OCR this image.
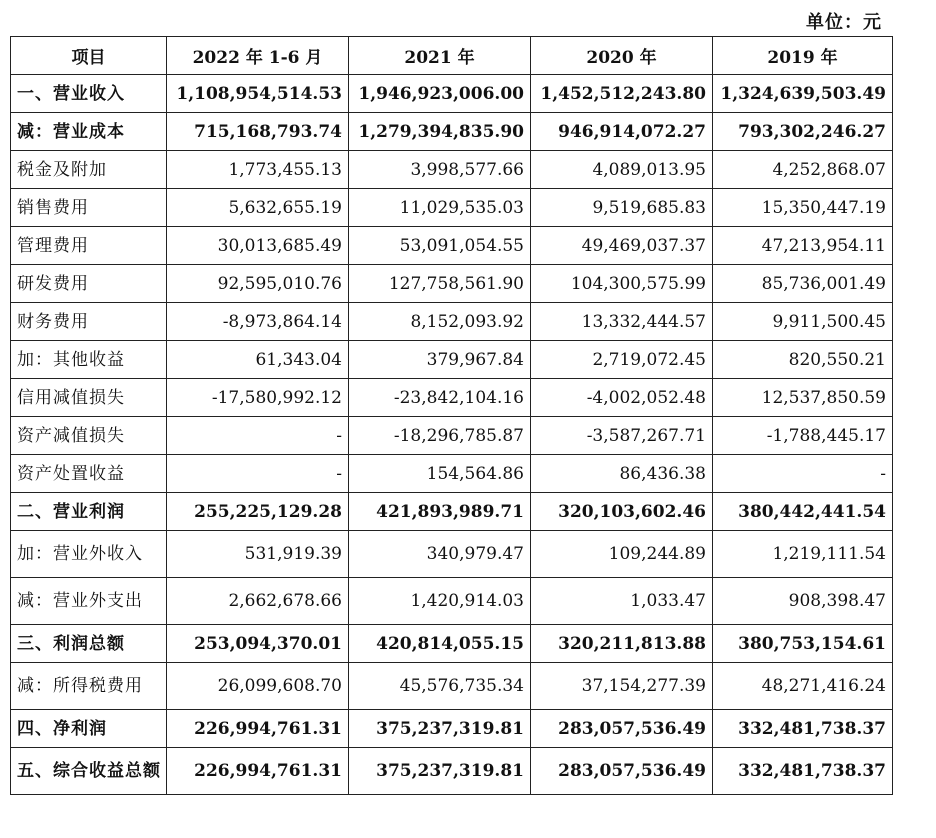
单位：元
项目	2022 年 1-6 月	2021 年	2020 年	2019 年
一、营业收入	1,108,954,514.53	1,946,923,006.00	1,452,512,243.80	1,324,639,503.49
减：营业成本	715,168,793.74	1,279,394,835.90	946,914,072.27	793,302,246.27
税金及附加	1,773,455.13	3,998,577.66	4,089,013.95	4,252,868.07
销售费用	5,632,655.19	11,029,535.03	9,519,685.83	15,350,447.19
管理费用	30,013,685.49	53,091,054.55	49,469,037.37	47,213,954.11
研发费用	92,595,010.76	127,758,561.90	104,300,575.99	85,736,001.49
财务费用	-8,973,864.14	8,152,093.92	13,332,444.57	9,911,500.45
加：其他收益	61,343.04	379,967.84	2,719,072.45	820,550.21
信用减值损失	-17,580,992.12	-23,842,104.16	-4,002,052.48	12,537,850.59
资产减值损失	-	-18,296,785.87	-3,587,267.71	-1,788,445.17
资产处置收益	-	154,564.86	86,436.38	-
二、营业利润	255,225,129.28	421,893,989.71	320,103,602.46	380,442,441.54
加：营业外收入	531,919.39	340,979.47	109,244.89	1,219,111.54
减：营业外支出	2,662,678.66	1,420,914.03	1,033.47	908,398.47
三、利润总额	253,094,370.01	420,814,055.15	320,211,813.88	380,753,154.61
减：所得税费用	26,099,608.70	45,576,735.34	37,154,277.39	48,271,416.24
四、净利润	226,994,761.31	375,237,319.81	283,057,536.49	332,481,738.37
五、综合收益总额	226,994,761.31	375,237,319.81	283,057,536.49	332,481,738.37
